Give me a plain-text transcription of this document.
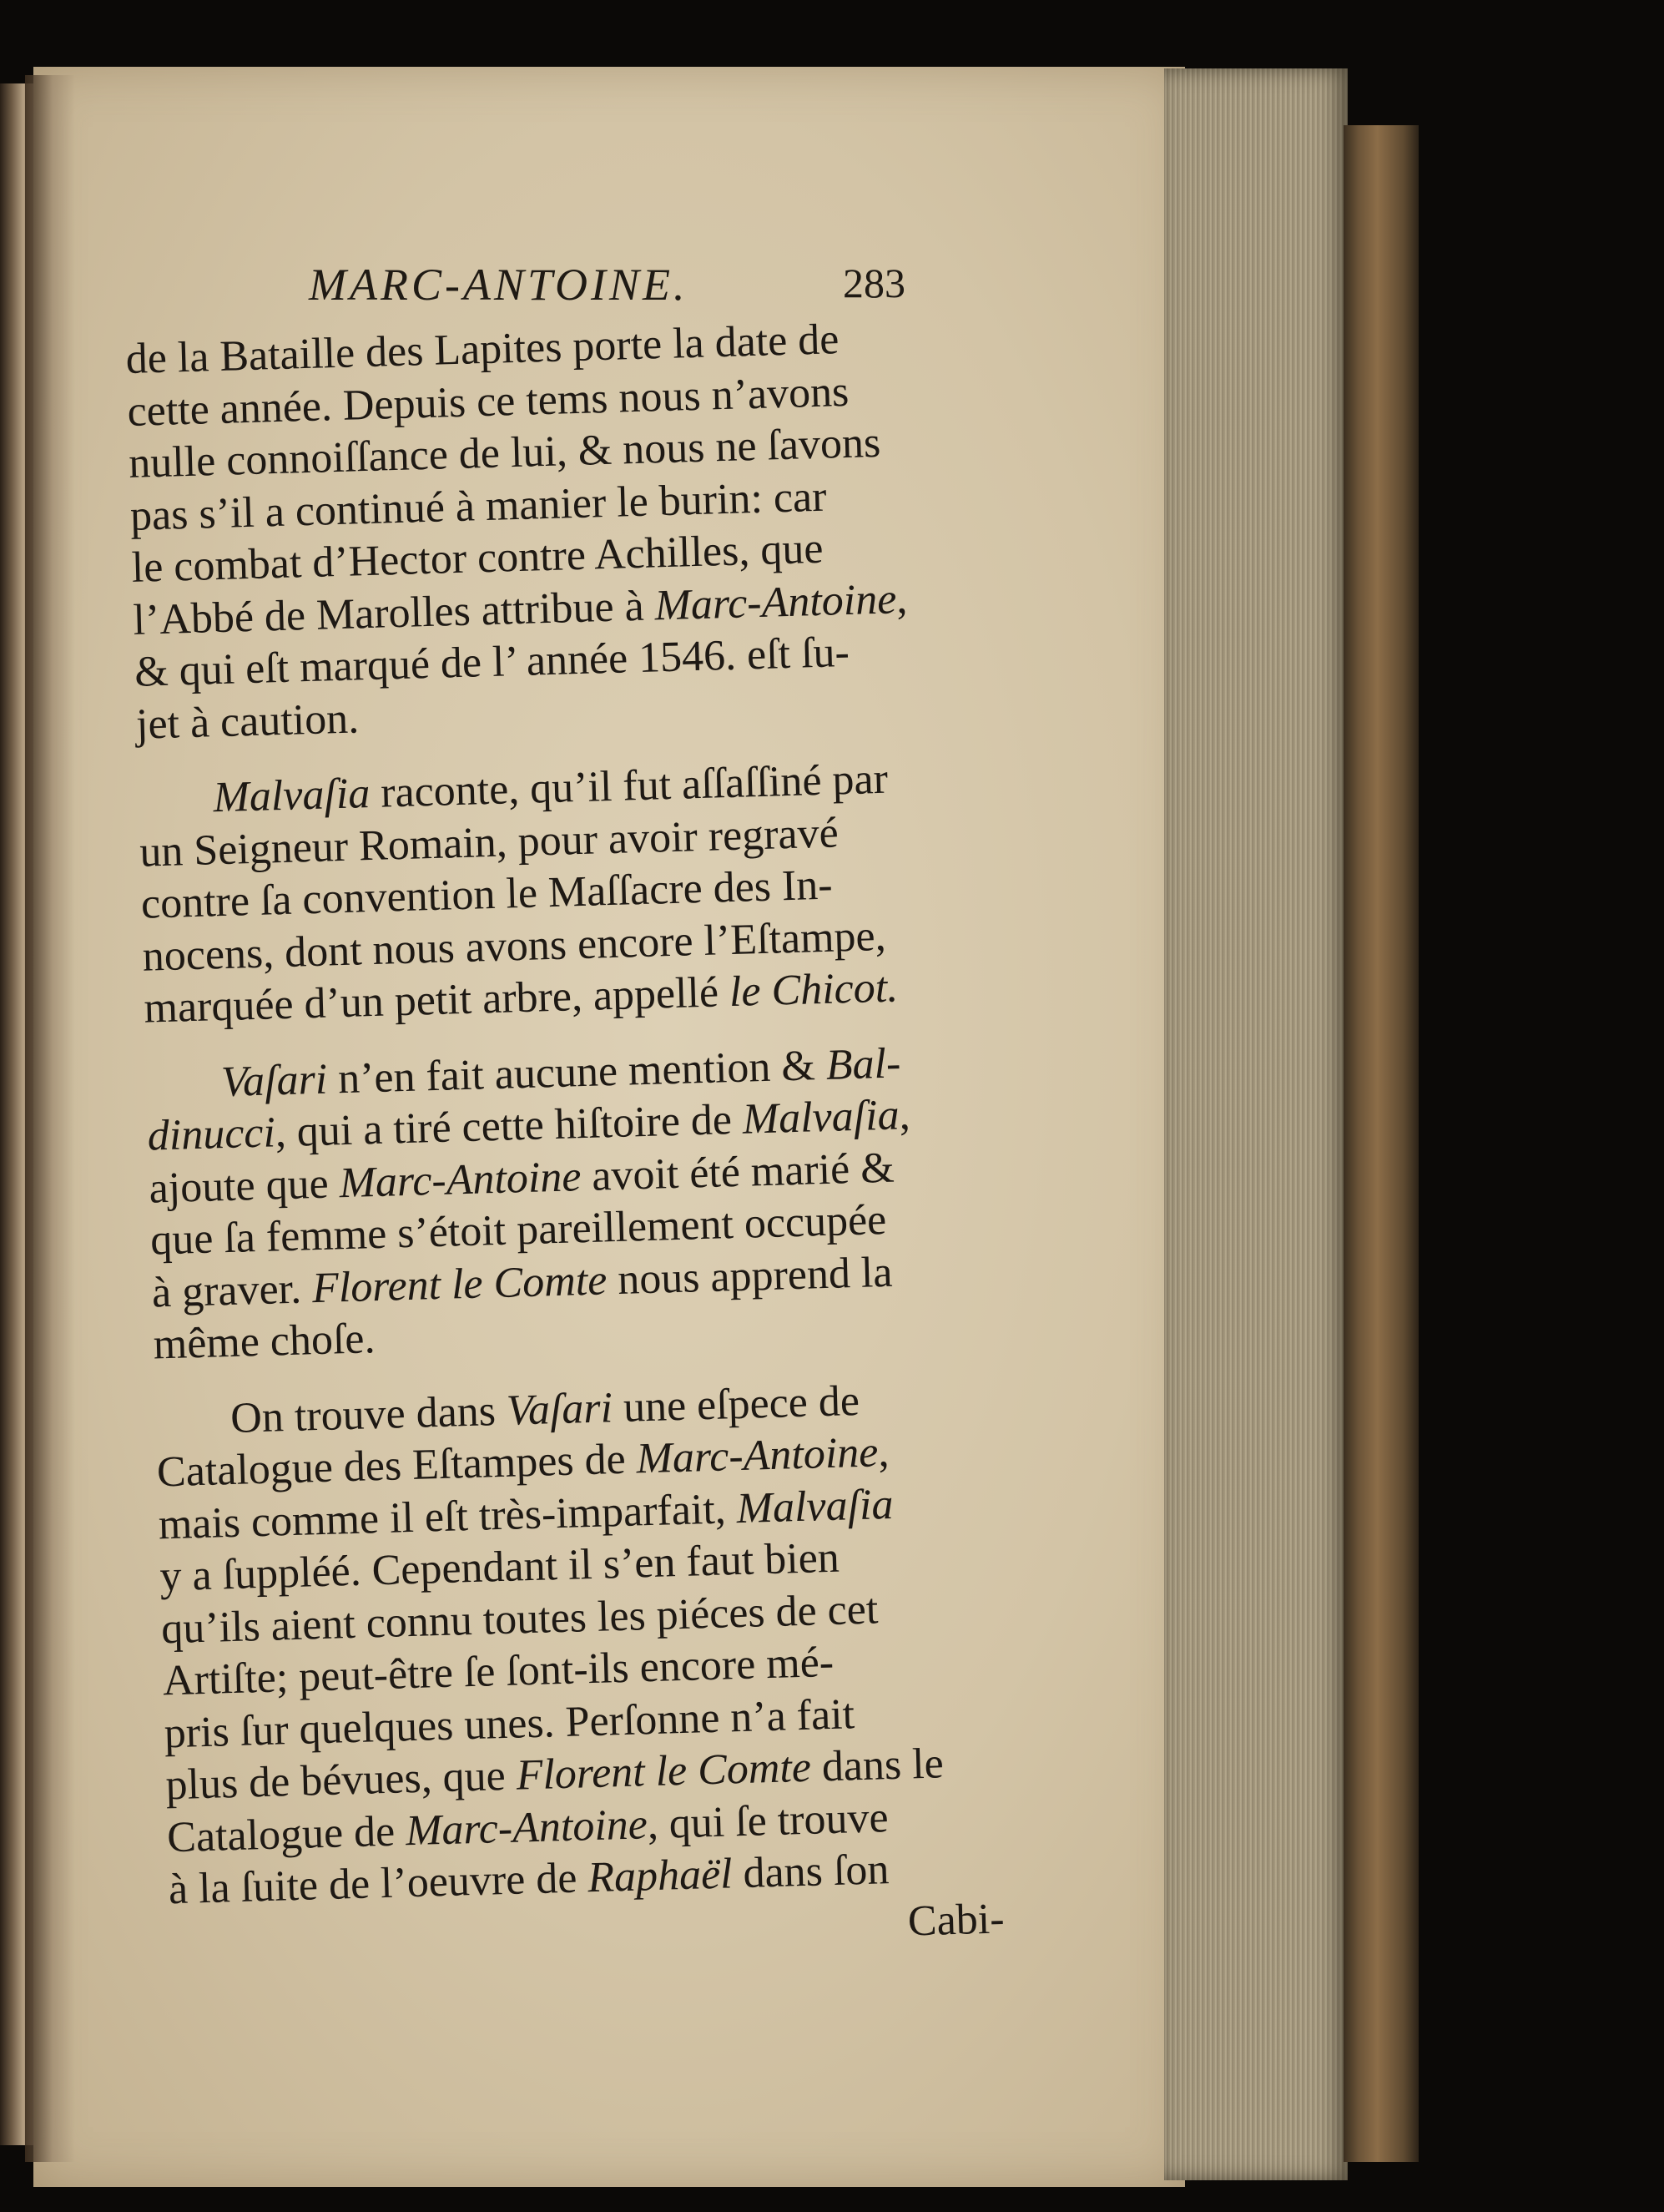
MARC-ANTOINE.	283
de la Bataille des Lapites porte la date de
cette année. Depuis ce tems nous n’avons
nulle connoiſſance de lui, & nous ne ſavons
pas s’il a continué à manier le burin: car
le combat d’Hector contre Achilles, que
l’Abbé de Marolles attribue à Marc-Antoine,
& qui eſt marqué de l’ année 1546. eſt ſu-
jet à caution.
Malvaſia raconte, qu’il fut aſſaſſiné par
un Seigneur Romain, pour avoir regravé
contre ſa convention le Maſſacre des In-
nocens, dont nous avons encore l’Eſtampe,
marquée d’un petit arbre, appellé le Chicot.
Vaſari n’en fait aucune mention & Bal-
dinucci, qui a tiré cette hiſtoire de Malvaſia,
ajoute que Marc-Antoine avoit été marié &
que ſa femme s’étoit pareillement occupée
à graver. Florent le Comte nous apprend la
même choſe.
On trouve dans Vaſari une eſpece de
Catalogue des Eſtampes de Marc-Antoine,
mais comme il eſt très-imparfait, Malvaſia
y a ſuppléé. Cependant il s’en faut bien
qu’ils aient connu toutes les piéces de cet
Artiſte; peut-être ſe ſont-ils encore mé-
pris ſur quelques unes. Perſonne n’a fait
plus de bévues, que Florent le Comte dans le
Catalogue de Marc-Antoine, qui ſe trouve
à la ſuite de l’oeuvre de Raphaël dans ſon
Cabi-
